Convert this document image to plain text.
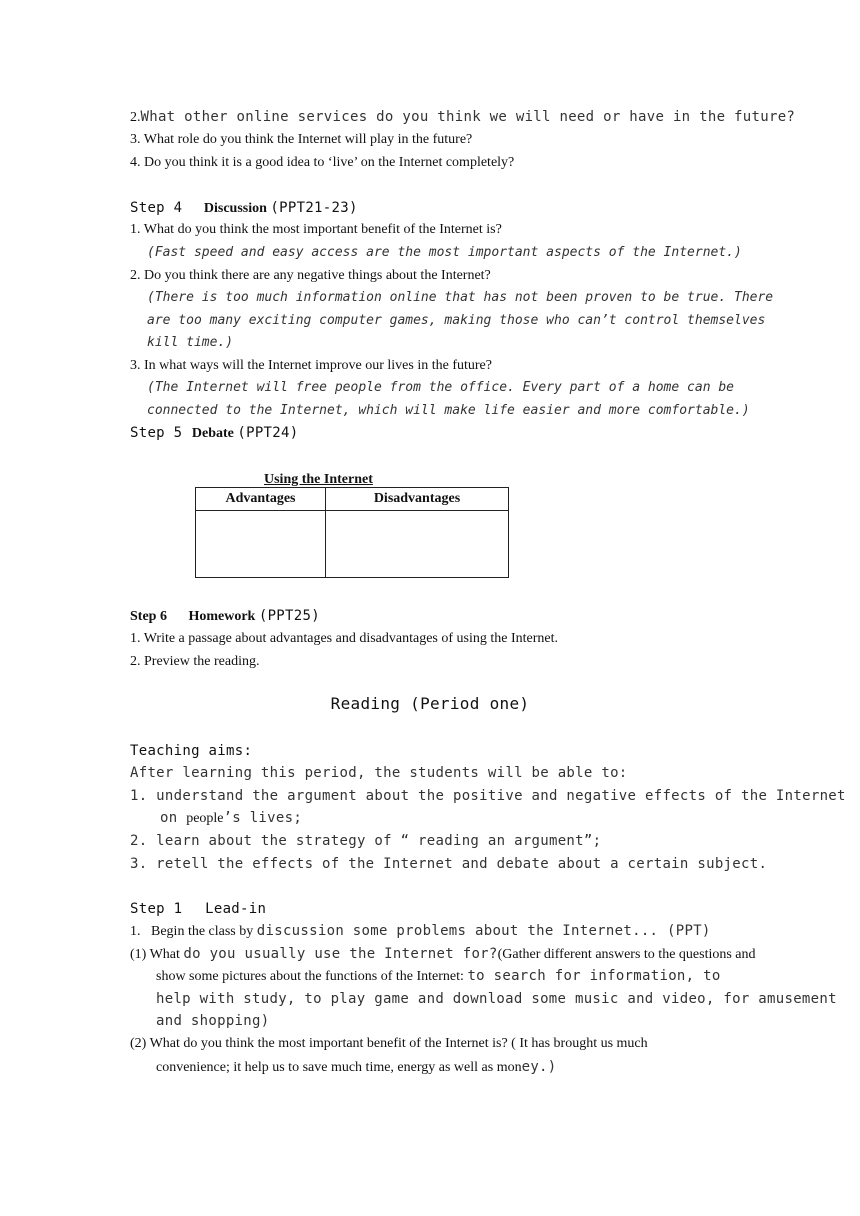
2.What other online services do you think we will need or have in the future?
3. What role do you think the Internet will play in the future?
4. Do you think it is a good idea to ‘live’ on the Internet completely?
Step 4 Discussion (PPT21-23)
1. What do you think the most important benefit of the Internet is?
(Fast speed and easy access are the most important aspects of the Internet.)
2. Do you think there are any negative things about the Internet?
(There is too much information online that has not been proven to be true. There
are too many exciting computer games, making those who can’t control themselves
kill time.)
3. In what ways will the Internet improve our lives in the future?
(The Internet will free people from the office. Every part of a home can be
connected to the Internet, which will make life easier and more comfortable.)
Step 5 Debate (PPT24)
Using the Internet
Advantages	Disadvantages

Step 6 Homework (PPT25)
1. Write a passage about advantages and disadvantages of using the Internet.
2. Preview the reading.
Reading (Period one)
Teaching aims:
After learning this period, the students will be able to:
1. understand the argument about the positive and negative effects of the Internet
on people’s lives;
2. learn about the strategy of “ reading an argument”;
3. retell the effects of the Internet and debate about a certain subject.
Step 1 Lead-in
1.   Begin the class by discussion some problems about the Internet... (PPT)
(1) What do you usually use the Internet for?(Gather different answers to the questions and
show some pictures about the functions of the Internet: to search for information, to
help with study, to play game and download some music and video, for amusement
and shopping)
(2) What do you think the most important benefit of the Internet is? ( It has brought us much
convenience; it help us to save much time, energy as well as money.)
